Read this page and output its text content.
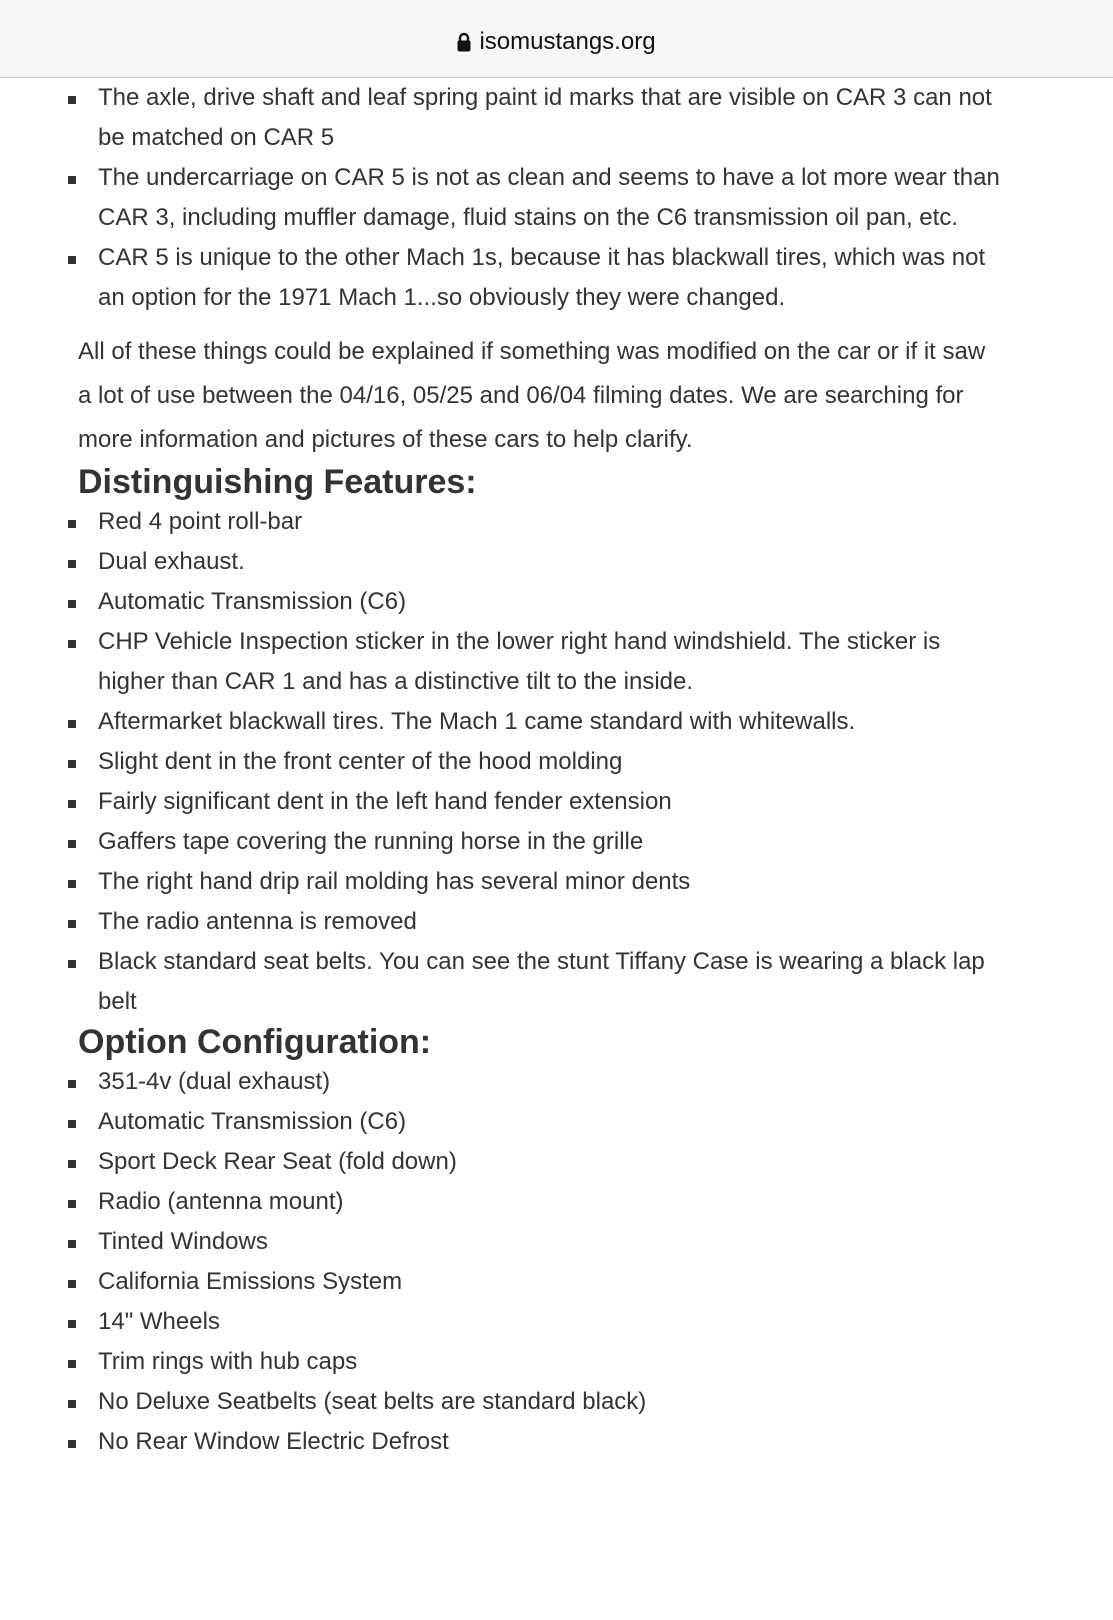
isomustangs.org
The axle, drive shaft and leaf spring paint id marks that are visible on CAR 3 can not be matched on CAR 5
The undercarriage on CAR 5 is not as clean and seems to have a lot more wear than CAR 3, including muffler damage, fluid stains on the C6 transmission oil pan, etc.
CAR 5 is unique to the other Mach 1s, because it has blackwall tires, which was not an option for the 1971 Mach 1...so obviously they were changed.

All of these things could be explained if something was modified on the car or if it saw a lot of use between the 04/16, 05/25 and 06/04 filming dates. We are searching for more information and pictures of these cars to help clarify.

Distinguishing Features:
Red 4 point roll-bar
Dual exhaust.
Automatic Transmission (C6)
CHP Vehicle Inspection sticker in the lower right hand windshield. The sticker is higher than CAR 1 and has a distinctive tilt to the inside.
Aftermarket blackwall tires. The Mach 1 came standard with whitewalls.
Slight dent in the front center of the hood molding
Fairly significant dent in the left hand fender extension
Gaffers tape covering the running horse in the grille
The right hand drip rail molding has several minor dents
The radio antenna is removed
Black standard seat belts. You can see the stunt Tiffany Case is wearing a black lap belt
Option Configuration:
351-4v (dual exhaust)
Automatic Transmission (C6)
Sport Deck Rear Seat (fold down)
Radio (antenna mount)
Tinted Windows
California Emissions System
14" Wheels
Trim rings with hub caps
No Deluxe Seatbelts (seat belts are standard black)
No Rear Window Electric Defrost
